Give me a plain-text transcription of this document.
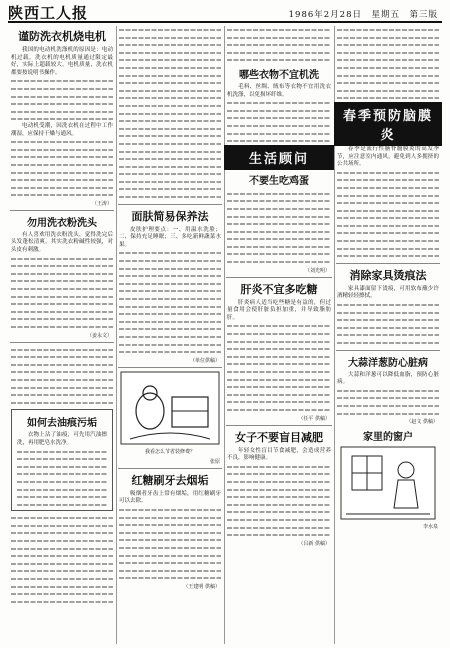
陕西工人报	1986年2月28日　星期五　第三版
谨防洗衣机烧电机
我国的电动机洗涤机的原因是：电动机过载。洗衣机的电机质量通过限定最好，实际上超载较大。电机质量，洗衣机都要按说明书操作。
电动机受潮，因洗衣机在过程中工作潮湿，应保持干燥与通风。
（王涛）
勿用洗衣粉洗头
有人喜欢用洗衣粉洗头，觉得洗完后头发蓬松清爽。其实洗衣粉碱性较强，对头皮有刺激。
（姜永文）
如何去油痕污垢
衣物上沾了油痕，可先用汽油擦洗，再用肥皂水洗净。
面肤简易保养法
皮肤护理要点：一、用温水洗脸；二、保持充足睡眠；三、多吃新鲜蔬菜水果。
（单位供稿）
我看怎么节省装修费？
张原
红糖刷牙去烟垢
吸烟者牙齿上常有烟垢，用红糖刷牙可以去除。
（王建明 供稿）
哪些衣物不宜机洗
毛料、丝绸、绒布等衣物不宜用洗衣机洗涤，以免损坏纤维。
生活顾问
不要生吃鸡蛋
（刘光明）
肝炎不宜多吃糖
肝炎病人适当吃些糖是有益的，但过量食用会使肝脏负担加重，并导致脂肪肝。
（任平 供稿）
女子不要盲目减肥
年轻女性盲目节食减肥，会造成营养不良，影响健康。
（吕新 供稿）
春季预防脑膜炎
春季是流行性脑脊髓膜炎的高发季节，应注意室内通风，避免到人多拥挤的公共场所。
消除家具烫痕法
家具漆面留下烫痕，可用软布蘸少许酒精轻轻擦拭。
大蒜洋葱防心脏病
大蒜和洋葱可以降低血脂，预防心脏病。
（赵文 供稿）
家里的窗户
李水泉
